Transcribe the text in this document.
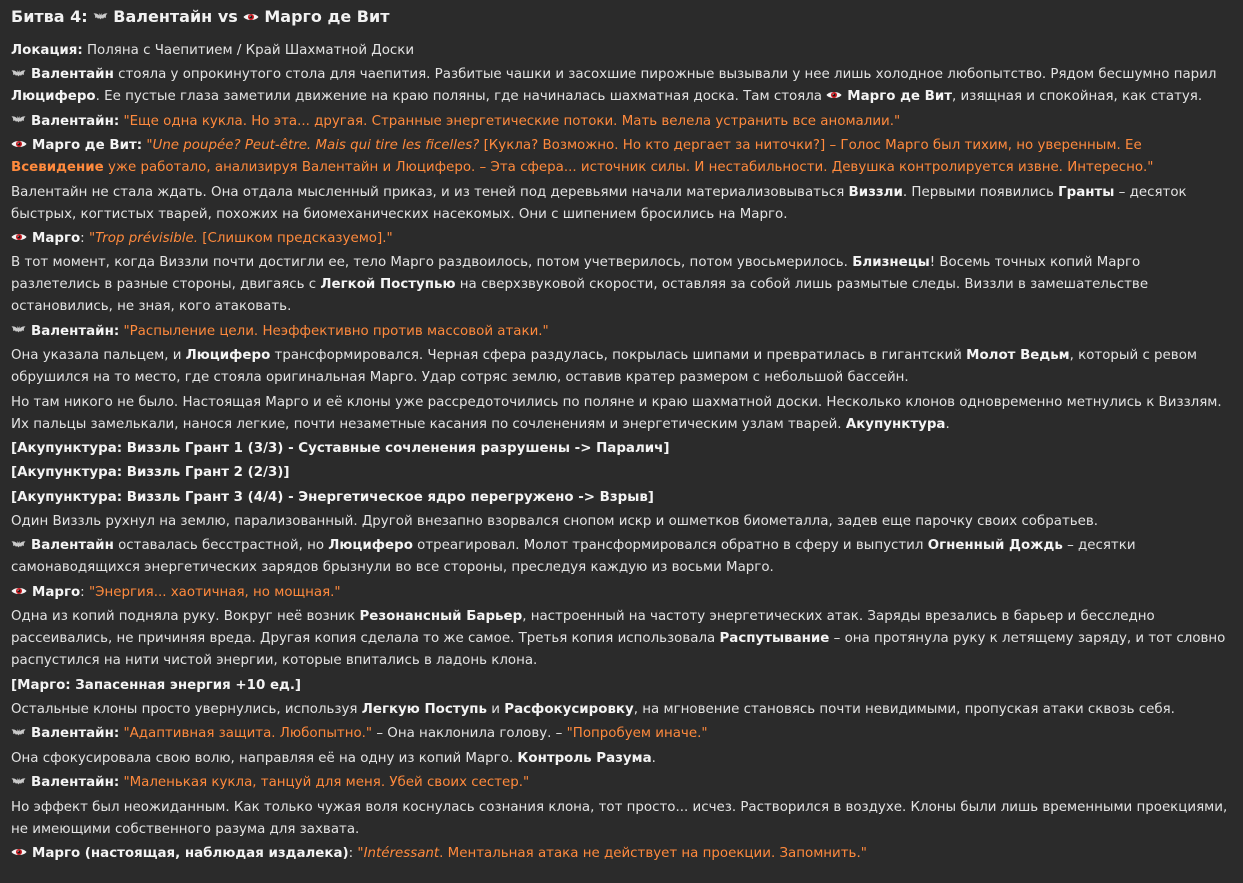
Битва 4: Валентайн vs Марго де Вит

Локация: Поляна с Чаепитием / Край Шахматной Доски

Валентайн стояла у опрокинутого стола для чаепития. Разбитые чашки и засохшие пирожные вызывали у нее лишь холодное любопытство. Рядом бесшумно парил Люциферо. Ее пустые глаза заметили движение на краю поляны, где начиналась шахматная доска. Там стояла Марго де Вит, изящная и спокойная, как статуя.

Валентайн: "Еще одна кукла. Но эта... другая. Странные энергетические потоки. Мать велела устранить все аномалии."

Марго де Вит: "Une poupée? Peut-être. Mais qui tire les ficelles? [Кукла? Возможно. Но кто дергает за ниточки?] – Голос Марго был тихим, но уверенным. Ее Всевидение уже работало, анализируя Валентайн и Люциферо. – Эта сфера... источник силы. И нестабильности. Девушка контролируется извне. Интересно."

Валентайн не стала ждать. Она отдала мысленный приказ, и из теней под деревьями начали материализовываться Виззли. Первыми появились Гранты – десяток быстрых, когтистых тварей, похожих на биомеханических насекомых. Они с шипением бросились на Марго.

Марго: "Trop prévisible. [Слишком предсказуемо]."

В тот момент, когда Виззли почти достигли ее, тело Марго раздвоилось, потом учетверилось, потом увосьмерилось. Близнецы! Восемь точных копий Марго разлетелись в разные стороны, двигаясь с Легкой Поступью на сверхзвуковой скорости, оставляя за собой лишь размытые следы. Виззли в замешательстве остановились, не зная, кого атаковать.

Валентайн: "Распыление цели. Неэффективно против массовой атаки."

Она указала пальцем, и Люциферо трансформировался. Черная сфера раздулась, покрылась шипами и превратилась в гигантский Молот Ведьм, который с ревом обрушился на то место, где стояла оригинальная Марго. Удар сотряс землю, оставив кратер размером с небольшой бассейн.

Но там никого не было. Настоящая Марго и её клоны уже рассредоточились по поляне и краю шахматной доски. Несколько клонов одновременно метнулись к Виззлям. Их пальцы замелькали, нанося легкие, почти незаметные касания по сочленениям и энергетическим узлам тварей. Акупунктура.

[Акупунктура: Виззль Грант 1 (3/3) - Суставные сочленения разрушены -> Паралич]

[Акупунктура: Виззль Грант 2 (2/3)]

[Акупунктура: Виззль Грант 3 (4/4) - Энергетическое ядро перегружено -> Взрыв]

Один Виззль рухнул на землю, парализованный. Другой внезапно взорвался снопом искр и ошметков биометалла, задев еще парочку своих собратьев.

Валентайн оставалась бесстрастной, но Люциферо отреагировал. Молот трансформировался обратно в сферу и выпустил Огненный Дождь – десятки самонаводящихся энергетических зарядов брызнули во все стороны, преследуя каждую из восьми Марго.

Марго: "Энергия... хаотичная, но мощная."

Одна из копий подняла руку. Вокруг неё возник Резонансный Барьер, настроенный на частоту энергетических атак. Заряды врезались в барьер и бесследно рассеивались, не причиняя вреда. Другая копия сделала то же самое. Третья копия использовала Распутывание – она протянула руку к летящему заряду, и тот словно распустился на нити чистой энергии, которые впитались в ладонь клона.

[Марго: Запасенная энергия +10 ед.]

Остальные клоны просто увернулись, используя Легкую Поступь и Расфокусировку, на мгновение становясь почти невидимыми, пропуская атаки сквозь себя.

Валентайн: "Адаптивная защита. Любопытно." – Она наклонила голову. – "Попробуем иначе."

Она сфокусировала свою волю, направляя её на одну из копий Марго. Контроль Разума.

Валентайн: "Маленькая кукла, танцуй для меня. Убей своих сестер."

Но эффект был неожиданным. Как только чужая воля коснулась сознания клона, тот просто... исчез. Растворился в воздухе. Клоны были лишь временными проекциями, не имеющими собственного разума для захвата.

Марго (настоящая, наблюдая издалека): "Intéressant. Ментальная атака не действует на проекции. Запомнить."
